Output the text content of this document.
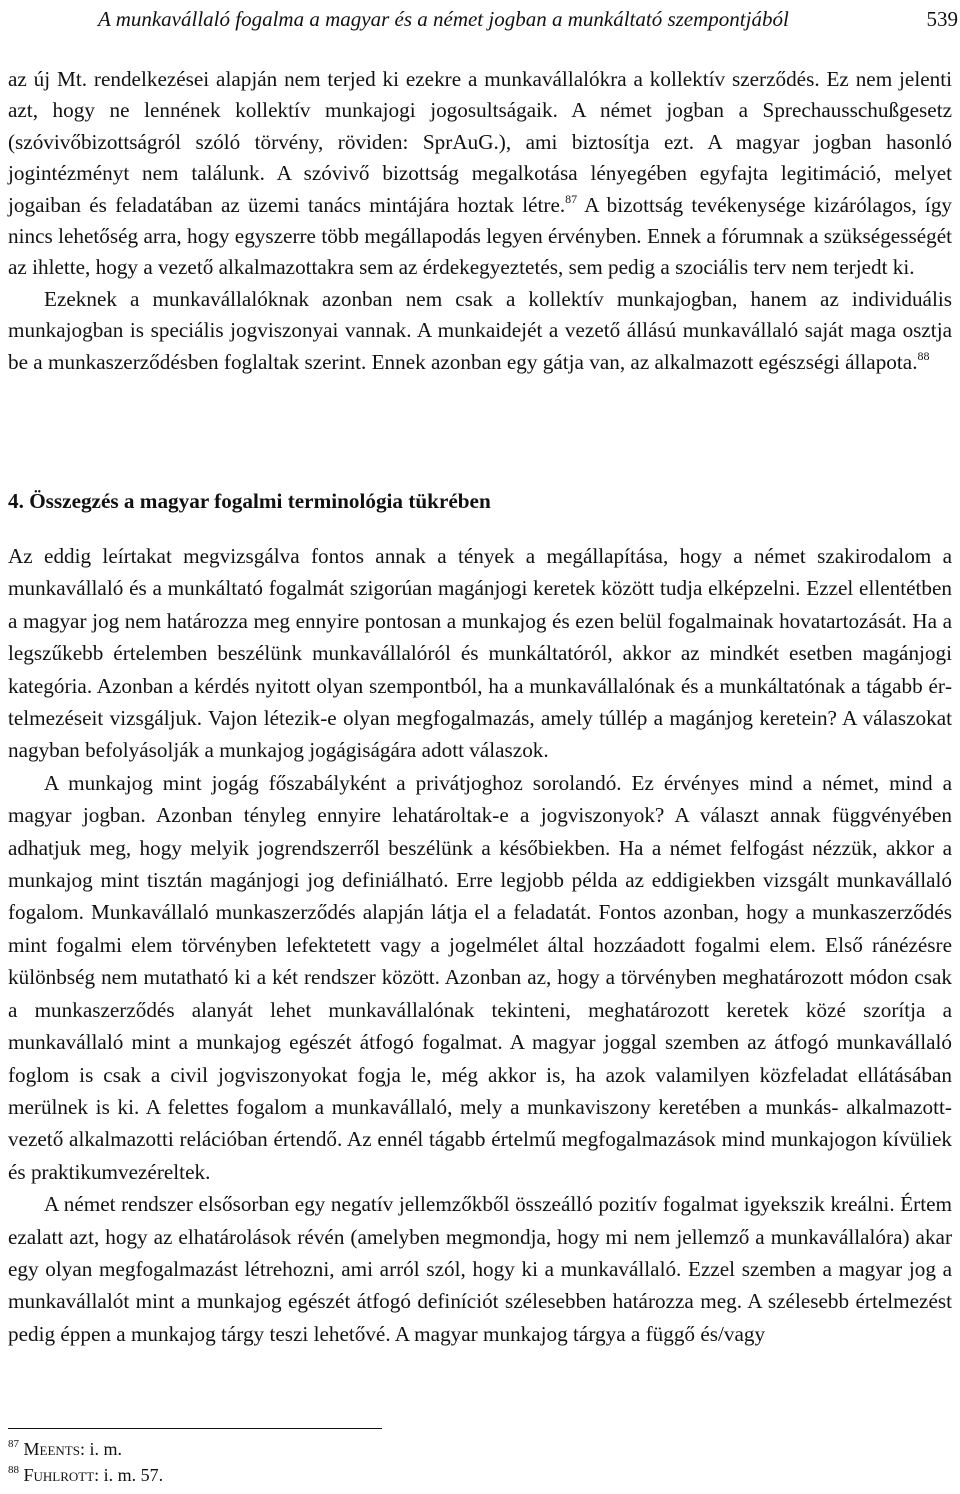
A munkavállaló fogalma a magyar és a német jogban a munkáltató szempontjából	539

az új Mt. rendelkezései alapján nem terjed ki ezekre a munkavállalókra a kollektív szerződés. Ez nem jelenti azt, hogy ne lennének kollektív munkajogi jogosultságaik. A német jogban a Sprechausschußgesetz (szóvivőbizottságról szóló törvény, röviden: SprAuG.), ami biztosítja ezt. A magyar jogban hasonló jogintézményt nem találunk. A szóvivő bizottság megalkotása lényegében egyfajta legitimáció, melyet jogaiban és feladatában az üzemi tanács mintájára hoztak létre.$^{87}$ A bizottság tevékenysége kizárólagos, így nincs lehetőség arra, hogy egyszerre több megállapodás legyen érvényben. Ennek a fórumnak a szükségességét az ihlette, hogy a vezető alkalmazottakra sem az érdekegyeztetés, sem pedig a szociális terv nem terjedt ki.

Ezeknek a munkavállalóknak azonban nem csak a kollektív munkajogban, hanem az individuális munkajogban is speciális jogviszonyai vannak. A munkaidejét a vezető állású munkavállaló saját maga osztja be a munkaszerződésben foglaltak szerint. Ennek azonban egy gátja van, az alkalmazott egészségi állapota.$^{88}$

4. Összegzés a magyar fogalmi terminológia tükrében

Az eddig leírtakat megvizsgálva fontos annak a tények a megállapítása, hogy a német szakirodalom a munkavállaló és a munkáltató fogalmát szigorúan magánjogi keretek között tudja elképzelni. Ezzel ellentétben a magyar jog nem határozza meg ennyire pontosan a munkajog és ezen belül fogalmainak hovatartozását. Ha a legszűkebb értelemben beszélünk munkavállalóról és munkáltatóról, akkor az mindkét esetben magánjogi kategória. Azonban a kérdés nyitott olyan szempontból, ha a munkavállalónak és a munkáltatónak a tágabb értelmezéseit vizsgáljuk. Vajon létezik-e olyan megfogalmazás, amely túllép a magánjog keretein? A válaszokat nagyban befolyásolják a munkajog jogágiságára adott válaszok.

A munkajog mint jogág főszabályként a privátjoghoz sorolandó. Ez érvényes mind a német, mind a magyar jogban. Azonban tényleg ennyire lehatároltak-e a jogviszonyok? A választ annak függvényében adhatjuk meg, hogy melyik jogrendszerről beszélünk a későbiekben. Ha a német felfogást nézzük, akkor a munkajog mint tisztán magánjogi jog definiálható. Erre legjobb példa az eddigiekben vizsgált munkavállaló fogalom. Munkavállaló munkaszerződés alapján látja el a feladatát. Fontos azonban, hogy a munkaszerződés mint fogalmi elem törvényben lefektetett vagy a jogelmélet által hozzáadott fogalmi elem. Első ránézésre különbség nem mutatható ki a két rendszer között. Azonban az, hogy a törvényben meghatározott módon csak a munkaszerződés alanyát lehet munkavállalónak tekinteni, meghatározott keretek közé szorítja a munkavállaló mint a munkajog egészét átfogó fogalmat. A magyar joggal szemben az átfogó munkavállaló foglom is csak a civil jogviszonyokat fogja le, még akkor is, ha azok valamilyen közfeladat ellátásában merülnek is ki. A felettes fogalom a munkavállaló, mely a munkaviszony keretében a munkás- alkalmazott-vezető alkalmazotti relációban értendő. Az ennél tágabb értelmű megfogalmazások mind munkajogon kívüliek és praktikumvezéreltek.

A német rendszer elsősorban egy negatív jellemzőkből összeálló pozitív fogalmat igyekszik kreálni. Értem ezalatt azt, hogy az elhatárolások révén (amelyben megmondja, hogy mi nem jellemző a munkavállalóra) akar egy olyan megfogalmazást létrehozni, ami arról szól, hogy ki a munkavállaló. Ezzel szemben a magyar jog a munkavállalót mint a munkajog egészét átfogó definíciót szélesebben határozza meg. A szélesebb értelmezést pedig éppen a munkajog tárgy teszi lehetővé. A magyar munkajog tárgya a függő és/vagy

$^{87}$ Meents: i. m.
$^{88}$ Fuhlrott: i. m. 57.
